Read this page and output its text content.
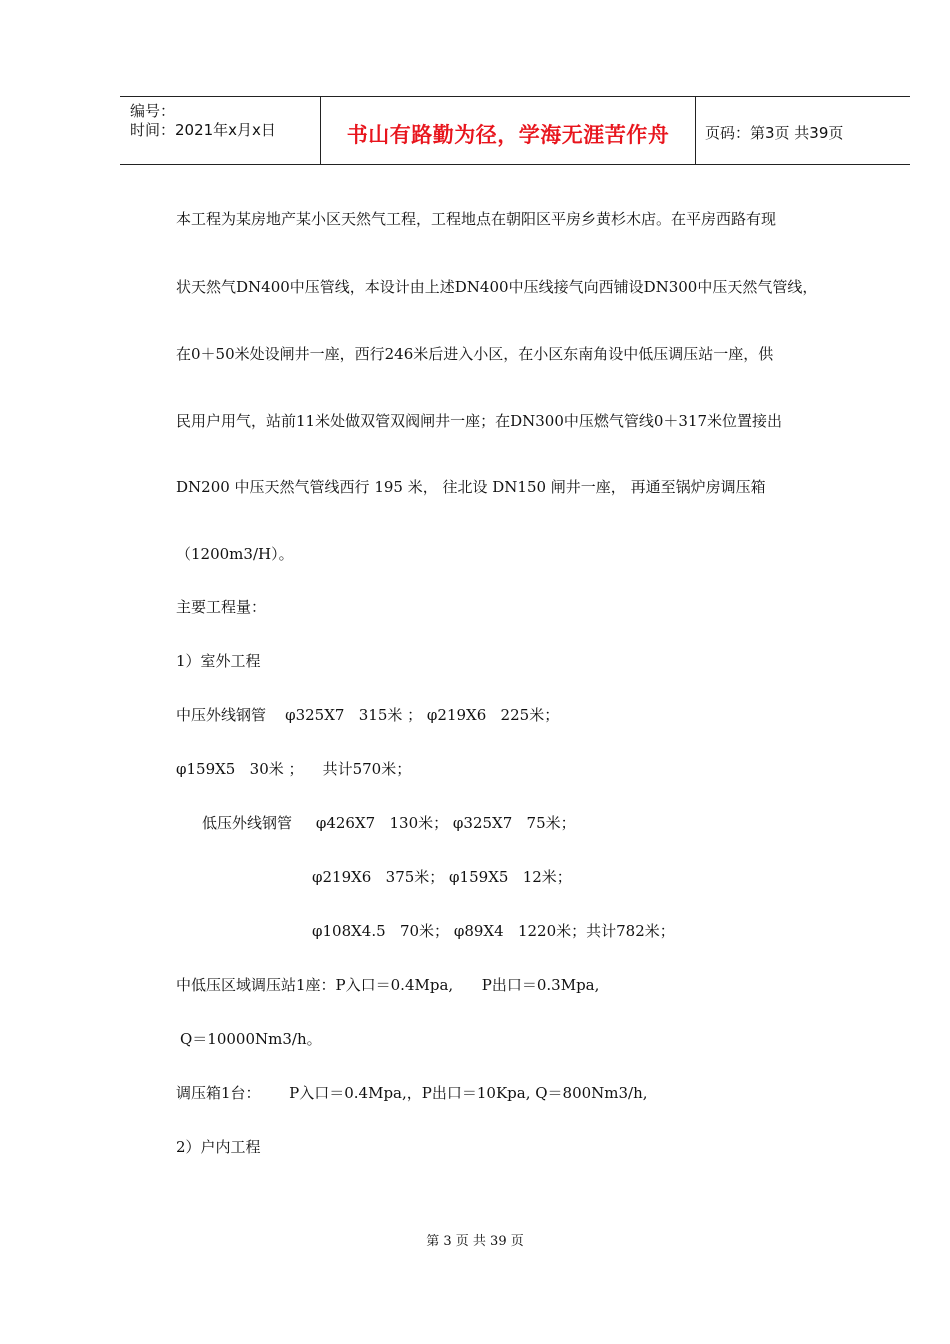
编号：
时间：2021年x月x日	书山有路勤为径，学海无涯苦作舟	页码：第3页 共39页
本工程为某房地产某小区天然气工程，工程地点在朝阳区平房乡黄杉木店。在平房西路有现
状天然气DN400中压管线，本设计由上述DN400中压线接气向西铺设DN300中压天然气管线，
在0＋50米处设闸井一座，西行246米后进入小区，在小区东南角设中低压调压站一座，供
民用户用气，站前11米处做双管双阀闸井一座；在DN300中压燃气管线0＋317米位置接出
DN200 中压天然气管线西行 195 米， 往北设 DN150 闸井一座， 再通至锅炉房调压箱
（1200m3/H）。
主要工程量：
1）室外工程
中压外线钢管    φ325X7   315米 ； φ219X6   225米；
φ159X5   30米 ；    共计570米；
低压外线钢管     φ426X7   130米； φ325X7   75米；
φ219X6   375米； φ159X5   12米；
φ108X4.5   70米； φ89X4   1220米；共计782米；
中低压区域调压站1座：P入口＝0.4Mpa,      P出口＝0.3Mpa,
Q＝10000Nm3/h。
调压箱1台：      P入口＝0.4Mpa,，P出口＝10Kpa, Q＝800Nm3/h,
2）户内工程
第 3 页 共 39 页
